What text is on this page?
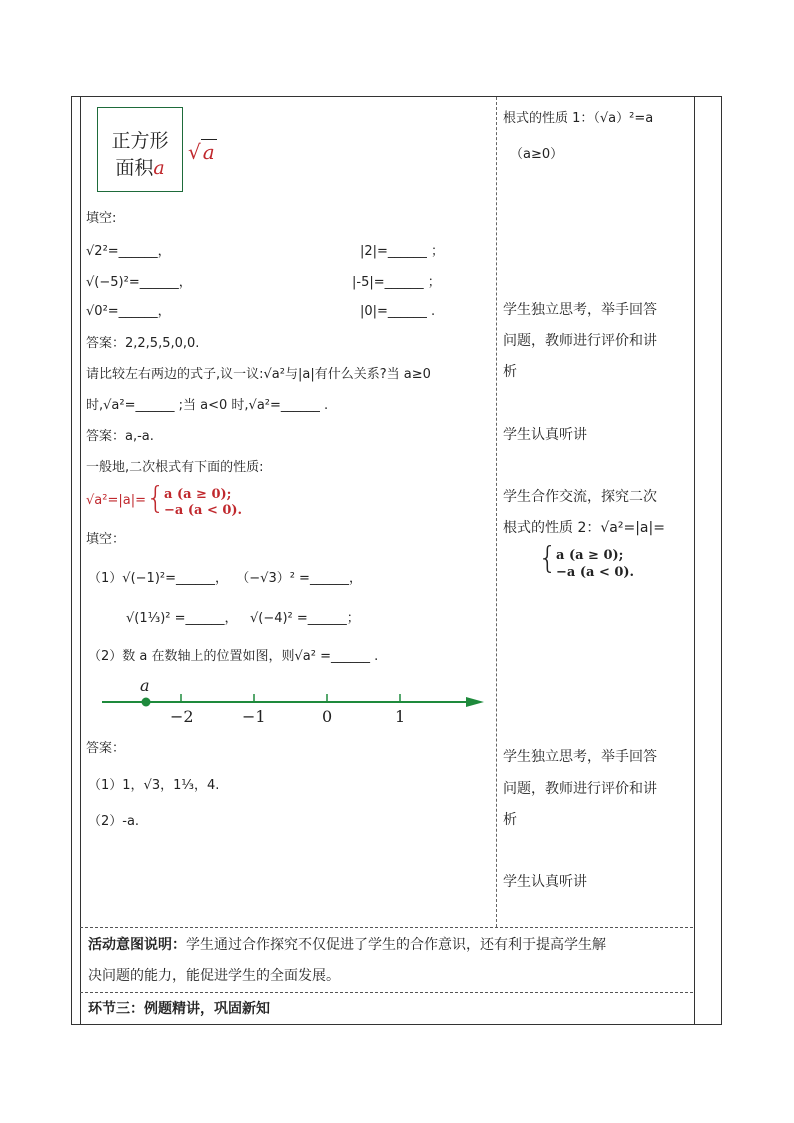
正方形
面积a
√ a
填空:
√2²=______，	|2|=______ ；
√(−5)²=______，	|-5|=______ ；
√0²=______，	|0|=______ .
答案：2,2,5,5,0,0.
请比较左右两边的式子,议一议:√a²与|a|有什么关系?当 a≥0
时,√a²=______ ;当 a<0 时,√a²=______ .
答案：a,-a.
一般地,二次根式有下面的性质:
√a²=|a|= {
a (a ≥ 0);
−a (a < 0).
填空：
（1）√(−1)²=______， （−√3）² =______，
√(1⅓)² =______，   √(−4)² =______；
（2）数 a 在数轴上的位置如图，则√a² =______ .
a
−2	−1	0	1
答案：
（1）1，√3，1⅓，4.
（2）-a.
根式的性质 1：（√a）²=a
（a≥0）
学生独立思考，举手回答
问题，教师进行评价和讲
析
学生认真听讲
学生合作交流，探究二次
根式的性质 2：√a²=|a|=
{
a (a ≥ 0);
−a (a < 0).
学生独立思考，举手回答
问题，教师进行评价和讲
析
学生认真听讲
活动意图说明：学生通过合作探究不仅促进了学生的合作意识，还有利于提高学生解
决问题的能力，能促进学生的全面发展。
环节三：例题精讲，巩固新知
